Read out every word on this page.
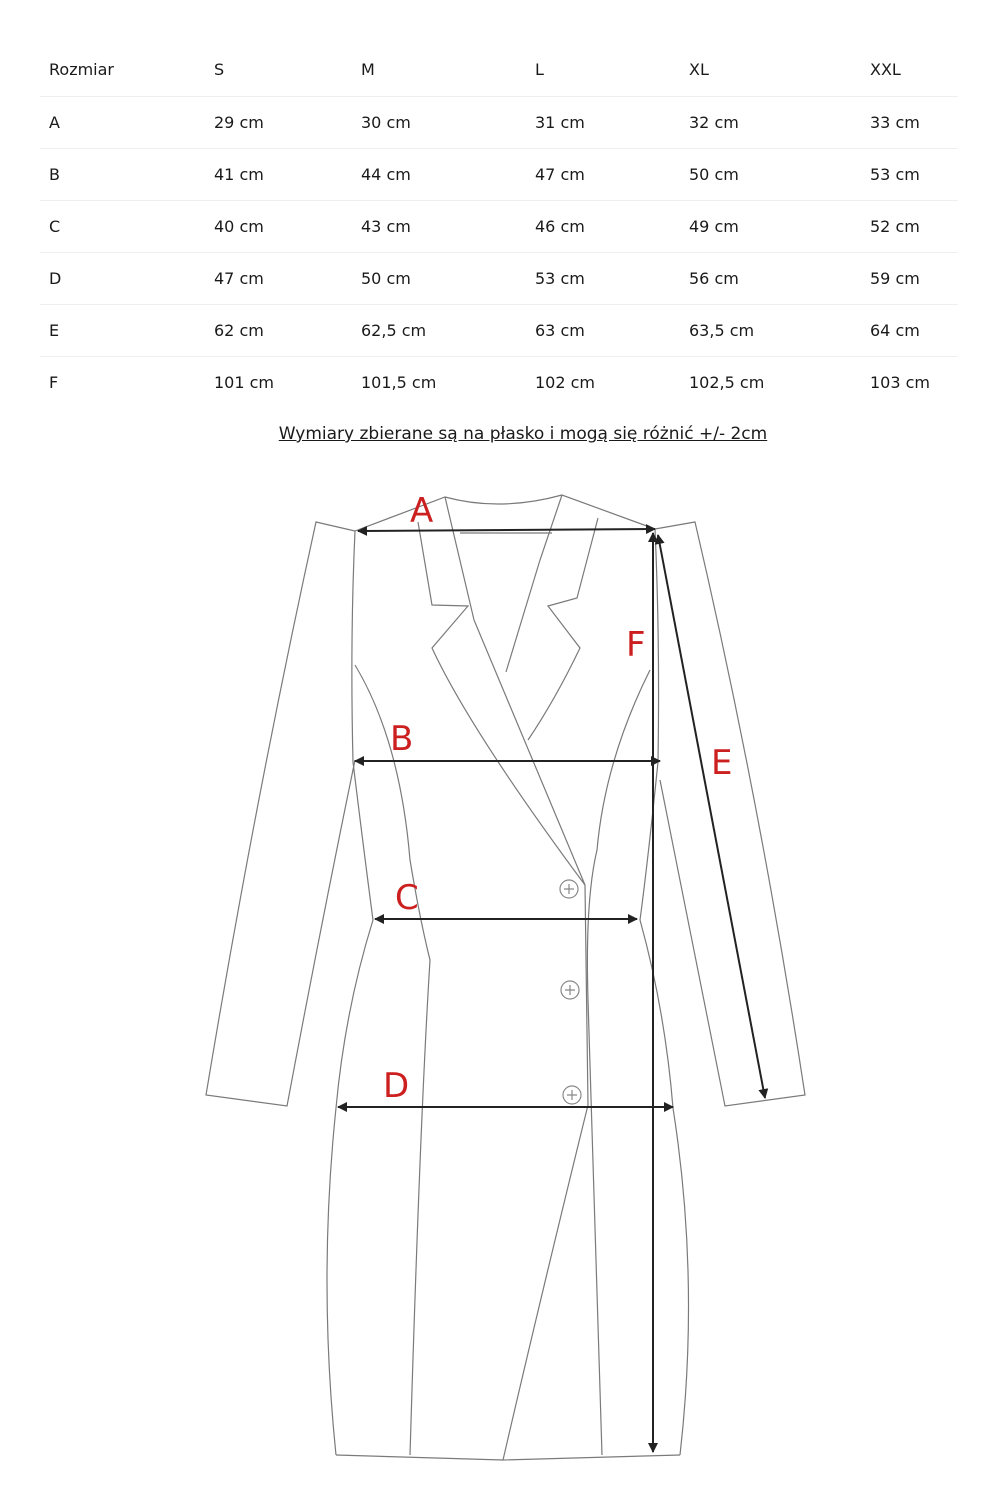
Rozmiar	S	M	L	XL	XXL
A	29 cm	30 cm	31 cm	32 cm	33 cm
B	41 cm	44 cm	47 cm	50 cm	53 cm
C	40 cm	43 cm	46 cm	49 cm	52 cm
D	47 cm	50 cm	53 cm	56 cm	59 cm
E	62 cm	62,5 cm	63 cm	63,5 cm	64 cm
F	101 cm	101,5 cm	102 cm	102,5 cm	103 cm
Wymiary zbierane są na płasko i mogą się różnić +/- 2cm
A
B
C
D
E
F
